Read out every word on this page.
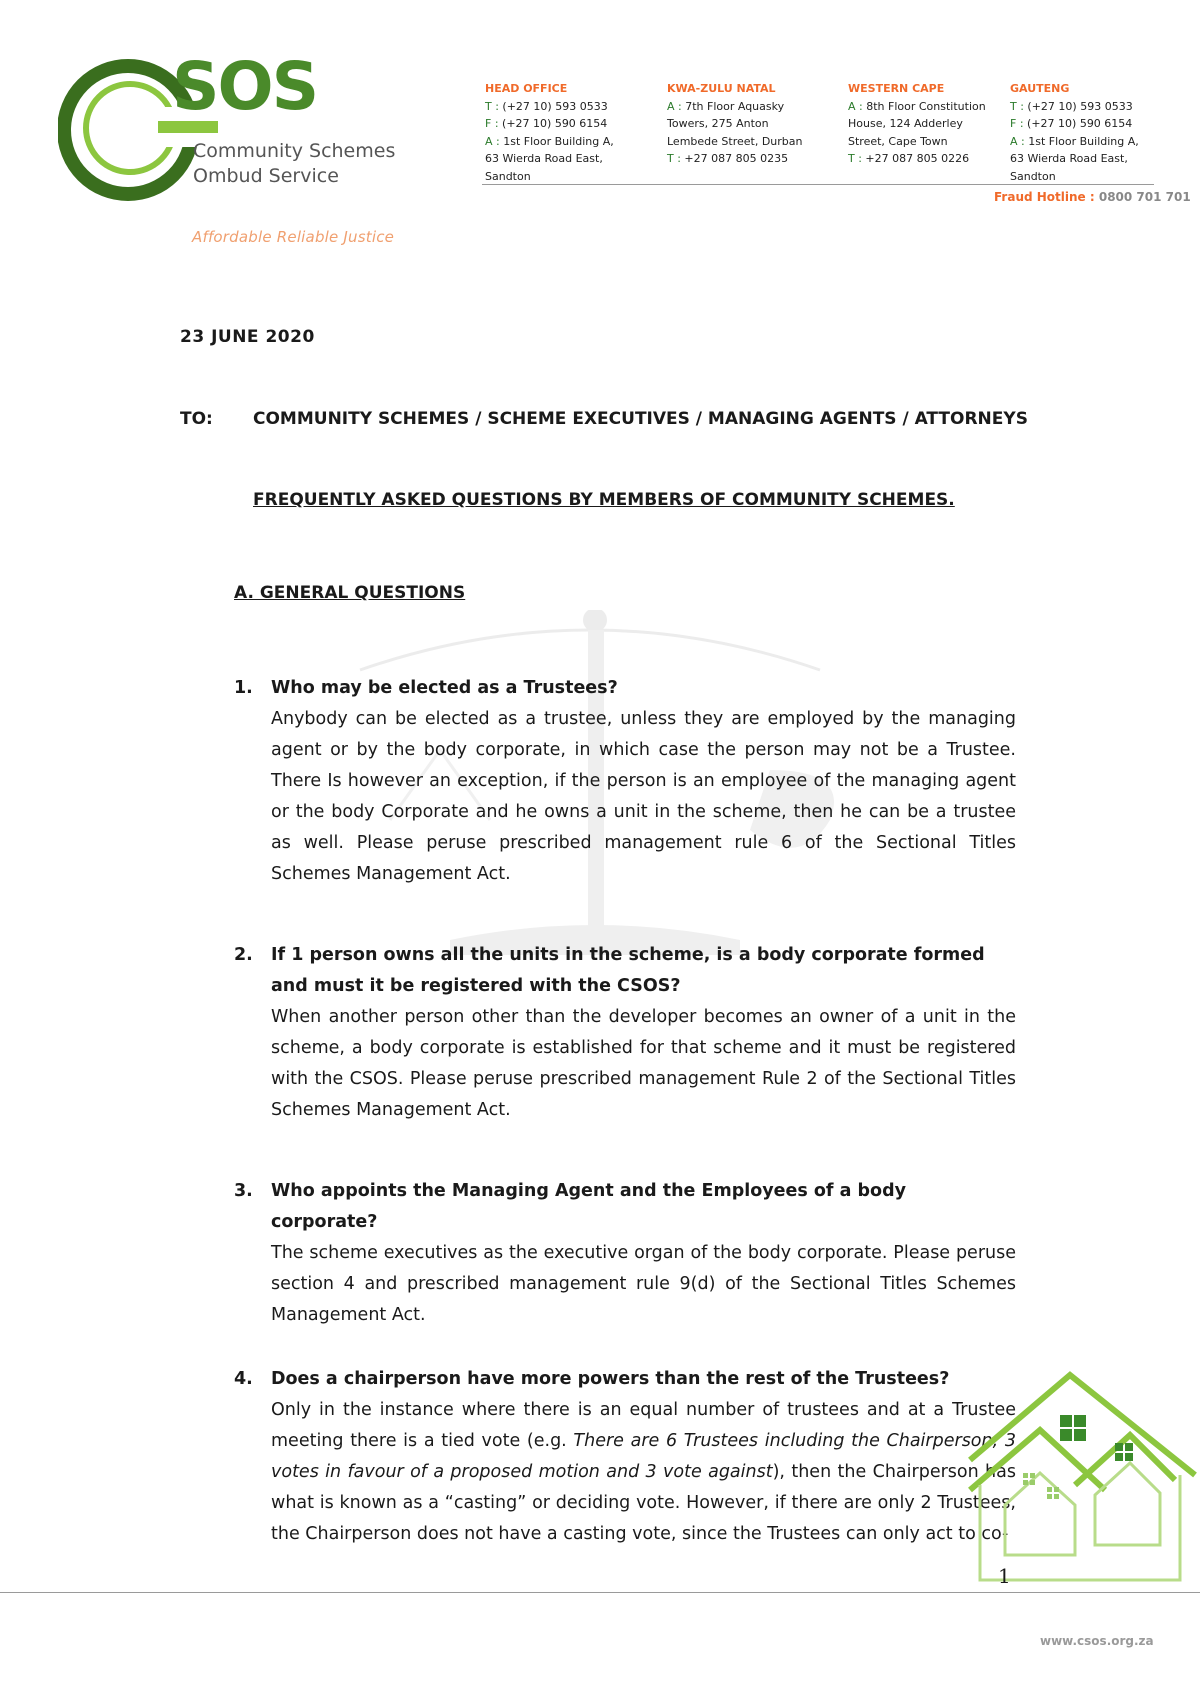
SOS
Community Schemes
Ombud Service
Affordable Reliable Justice
HEAD OFFICE
T : (+27 10) 593 0533
F : (+27 10) 590 6154
A : 1st Floor Building A,
63 Wierda Road East,
Sandton
KWA-ZULU NATAL
A : 7th Floor Aquasky
Towers, 275 Anton
Lembede Street, Durban
T : +27 087 805 0235
WESTERN CAPE
A : 8th Floor Constitution
House, 124 Adderley
Street, Cape Town
T : +27 087 805 0226
GAUTENG
T : (+27 10) 593 0533
F : (+27 10) 590 6154
A : 1st Floor Building A,
63 Wierda Road East,
Sandton
Fraud Hotline : 0800 701 701
23 JUNE 2020
TO: COMMUNITY SCHEMES / SCHEME EXECUTIVES / MANAGING AGENTS / ATTORNEYS
FREQUENTLY ASKED QUESTIONS BY MEMBERS OF COMMUNITY SCHEMES.
A. GENERAL QUESTIONS
1. Who may be elected as a Trustees?
Anybody can be elected as a trustee, unless they are employed by the managing agent or by the body corporate, in which case the person may not be a Trustee. There Is however an exception, if the person is an employee of the managing agent or the body Corporate and he owns a unit in the scheme, then he can be a trustee as well. Please peruse prescribed management rule 6 of the Sectional Titles Schemes Management Act.
2. If 1 person owns all the units in the scheme, is a body corporate formed and must it be registered with the CSOS?
When another person other than the developer becomes an owner of a unit in the scheme, a body corporate is established for that scheme and it must be registered with the CSOS. Please peruse prescribed management Rule 2 of the Sectional Titles Schemes Management Act.
3. Who appoints the Managing Agent and the Employees of a body corporate?
The scheme executives as the executive organ of the body corporate. Please peruse section 4 and prescribed management rule 9(d) of the Sectional Titles Schemes Management Act.
4. Does a chairperson have more powers than the rest of the Trustees?
Only in the instance where there is an equal number of trustees and at a Trustee meeting there is a tied vote (e.g. There are 6 Trustees including the Chairperson, 3 votes in favour of a proposed motion and 3 vote against), then the Chairperson has what is known as a “casting” or deciding vote. However, if there are only 2 Trustees, the Chairperson does not have a casting vote, since the Trustees can only act to co-
1
www.csos.org.za
